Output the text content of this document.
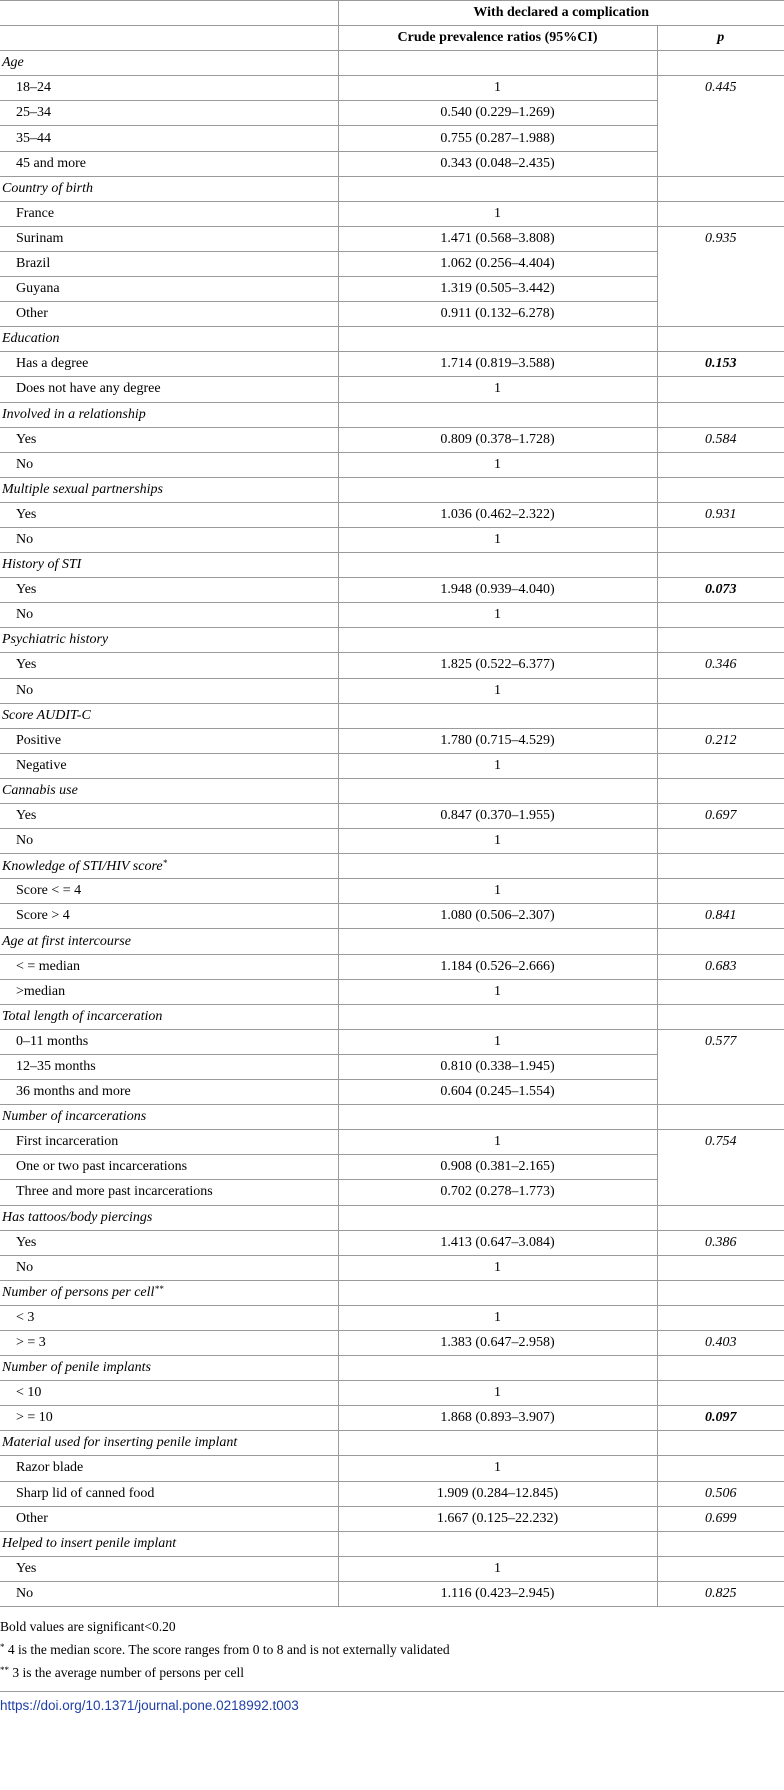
	With declared a complication	
	Crude prevalence ratios (95%CI)	p
Age		
18–24	1	0.445
25–34	0.540 (0.229–1.269)	
35–44	0.755 (0.287–1.988)	
45 and more	0.343 (0.048–2.435)	
Country of birth		
France	1	
Surinam	1.471 (0.568–3.808)	0.935
Brazil	1.062 (0.256–4.404)	
Guyana	1.319 (0.505–3.442)	
Other	0.911 (0.132–6.278)	
Education		
Has a degree	1.714 (0.819–3.588)	0.153
Does not have any degree	1	
Involved in a relationship		
Yes	0.809 (0.378–1.728)	0.584
No	1	
Multiple sexual partnerships		
Yes	1.036 (0.462–2.322)	0.931
No	1	
History of STI		
Yes	1.948 (0.939–4.040)	0.073
No	1	
Psychiatric history		
Yes	1.825 (0.522–6.377)	0.346
No	1	
Score AUDIT-C		
Positive	1.780 (0.715–4.529)	0.212
Negative	1	
Cannabis use		
Yes	0.847 (0.370–1.955)	0.697
No	1	
Knowledge of STI/HIV score*		
Score < = 4	1	
Score > 4	1.080 (0.506–2.307)	0.841
Age at first intercourse		
< = median	1.184 (0.526–2.666)	0.683
>median	1	
Total length of incarceration		
0–11 months	1	0.577
12–35 months	0.810 (0.338–1.945)	
36 months and more	0.604 (0.245–1.554)	
Number of incarcerations		
First incarceration	1	0.754
One or two past incarcerations	0.908 (0.381–2.165)	
Three and more past incarcerations	0.702 (0.278–1.773)	
Has tattoos/body piercings		
Yes	1.413 (0.647–3.084)	0.386
No	1	
Number of persons per cell**		
< 3	1	
> = 3	1.383 (0.647–2.958)	0.403
Number of penile implants		
< 10	1	
> = 10	1.868 (0.893–3.907)	0.097
Material used for inserting penile implant		
Razor blade	1	
Sharp lid of canned food	1.909 (0.284–12.845)	0.506
Other	1.667 (0.125–22.232)	0.699
Helped to insert penile implant		
Yes	1	
No	1.116 (0.423–2.945)	0.825
Bold values are significant<0.20
* 4 is the median score. The score ranges from 0 to 8 and is not externally validated
** 3 is the average number of persons per cell
https://doi.org/10.1371/journal.pone.0218992.t003
